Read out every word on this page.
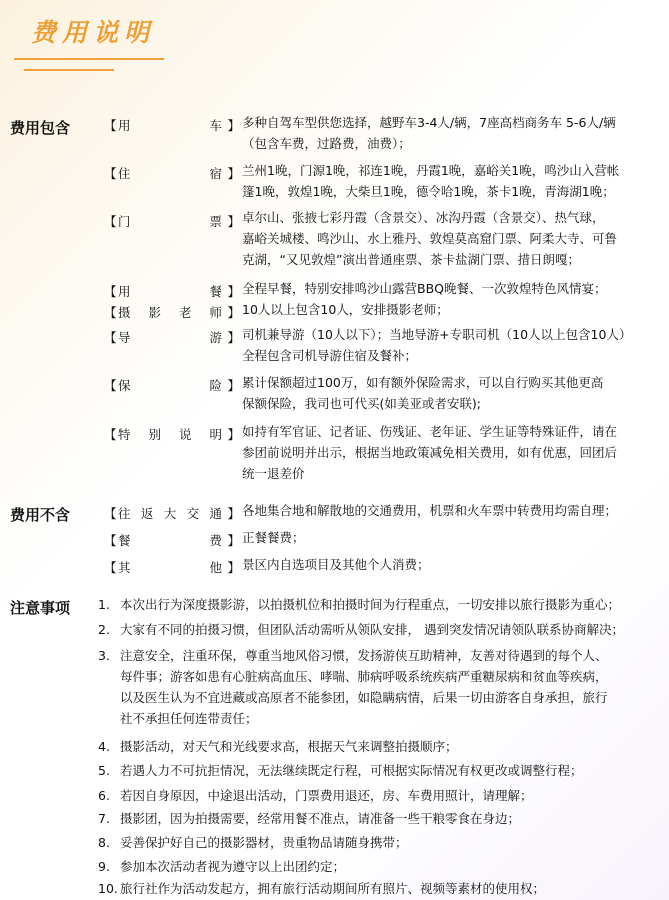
费用说明
费用包含	【 用车 】 多种自驾车型供您选择，越野车3-4人/辆，7座高档商务车 5-6人/辆
（包含车费，过路费，油费）；
【 住宿 】 兰州1晚，门源1晚，祁连1晚，丹霞1晚，嘉峪关1晚，鸣沙山入营帐
篷1晚，敦煌1晚，大柴旦1晚，德令哈1晚，茶卡1晚，青海湖1晚；
【 门票 】 卓尔山、张掖七彩丹霞（含景交）、冰沟丹霞（含景交）、热气球，
嘉峪关城楼、鸣沙山、水上雅丹、敦煌莫高窟门票、阿柔大寺、可鲁
克湖，“又见敦煌”演出普通座票、茶卡盐湖门票、措日朗嘎；
【 用餐 】 全程早餐，特别安排鸣沙山露营BBQ晚餐、一次敦煌特色风情宴；
【 摄影老师 】 10人以上包含10人，安排摄影老师；
【 导游 】 司机兼导游（10人以下）；当地导游+专职司机（10人以上包含10人）
全程包含司机导游住宿及餐补；
【 保险 】 累计保额超过100万，如有额外保险需求，可以自行购买其他更高
保额保险，我司也可代买(如美亚或者安联);
【 特别说明 】 如持有军官证、记者证、伤残证、老年证、学生证等特殊证件，请在
参团前说明并出示，根据当地政策减免相关费用，如有优惠，回团后
统一退差价
费用不含	【 往返大交通 】 各地集合地和解散地的交通费用，机票和火车票中转费用均需自理；
【 餐费 】 正餐餐费；
【 其他 】 景区内自选项目及其他个人消费；
注意事项 1. 本次出行为深度摄影游，以拍摄机位和拍摄时间为行程重点，一切安排以旅行摄影为重心；
2. 大家有不同的拍摄习惯，但团队活动需听从领队安排， 遇到突发情况请领队联系协商解决；
3. 注意安全，注重环保，尊重当地风俗习惯，发扬游侠互助精神，友善对待遇到的每个人、
每件事；游客如患有心脏病高血压、哮喘、肺病呼吸系统疾病严重糖尿病和贫血等疾病，
以及医生认为不宜进藏或高原者不能参团，如隐瞒病情，后果一切由游客自身承担，旅行
社不承担任何连带责任；
4. 摄影活动，对天气和光线要求高，根据天气来调整拍摄顺序；
5. 若遇人力不可抗拒情况，无法继续既定行程，可根据实际情况有权更改或调整行程；
6. 若因自身原因，中途退出活动，门票费用退还，房、车费用照计，请理解；
7. 摄影团，因为拍摄需要，经常用餐不准点，请准备一些干粮零食在身边；
8. 妥善保护好自己的摄影器材，贵重物品请随身携带；
9. 参加本次活动者视为遵守以上出团约定；
10. 旅行社作为活动发起方，拥有旅行活动期间所有照片、视频等素材的使用权；
